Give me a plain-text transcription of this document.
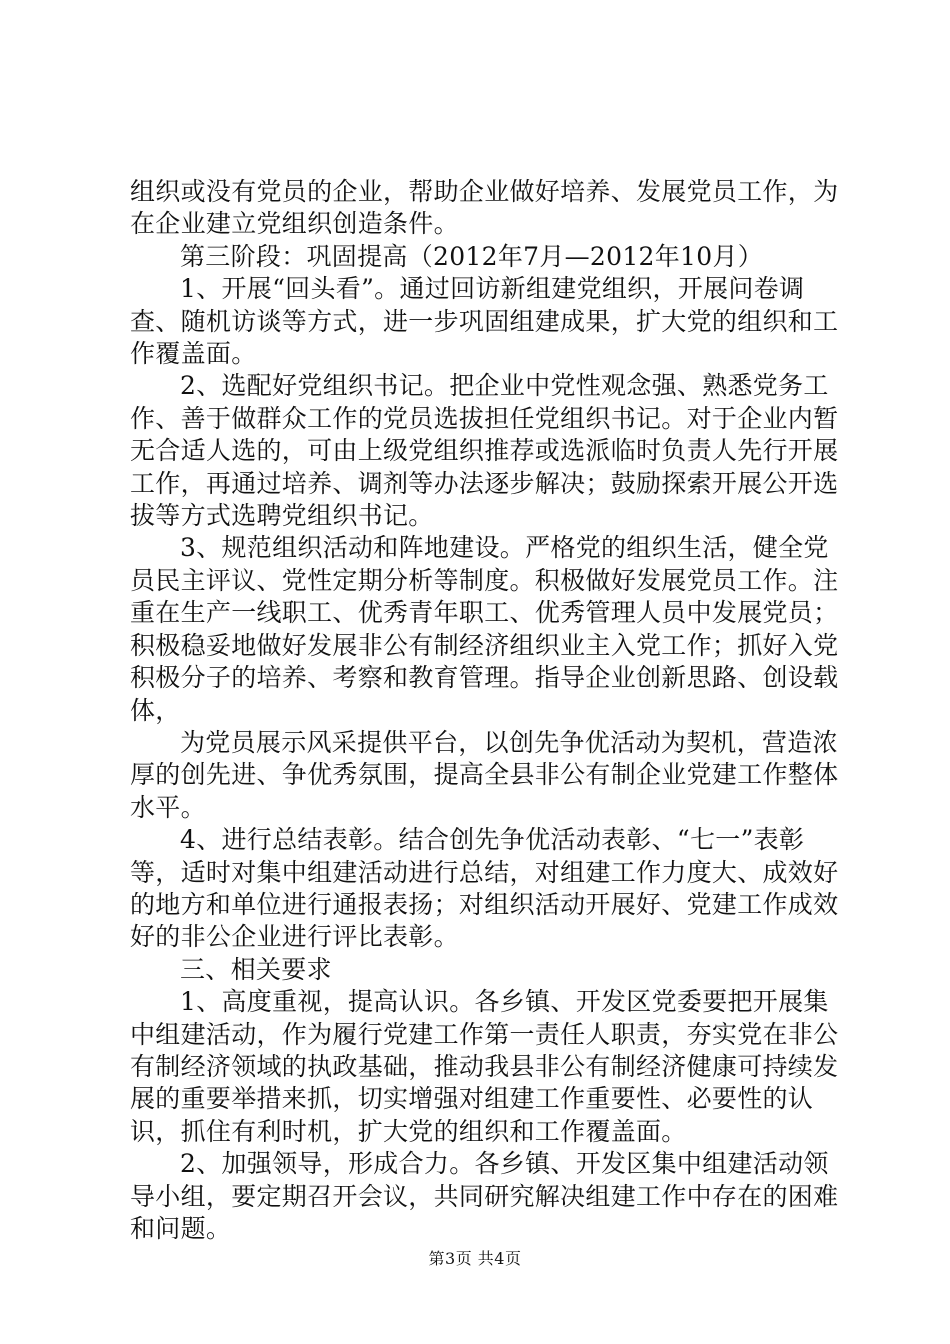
组织或没有党员的企业，帮助企业做好培养、发展党员工作，为在企业建立党组织创造条件。

第三阶段：巩固提高（2012年7月—2012年10月）

1、开展“回头看”。通过回访新组建党组织，开展问卷调查、随机访谈等方式，进一步巩固组建成果，扩大党的组织和工作覆盖面。

2、选配好党组织书记。把企业中党性观念强、熟悉党务工作、善于做群众工作的党员选拔担任党组织书记。对于企业内暂无合适人选的，可由上级党组织推荐或选派临时负责人先行开展工作，再通过培养、调剂等办法逐步解决；鼓励探索开展公开选拔等方式选聘党组织书记。

3、规范组织活动和阵地建设。严格党的组织生活，健全党员民主评议、党性定期分析等制度。积极做好发展党员工作。注重在生产一线职工、优秀青年职工、优秀管理人员中发展党员；积极稳妥地做好发展非公有制经济组织业主入党工作；抓好入党积极分子的培养、考察和教育管理。指导企业创新思路、创设载体，

为党员展示风采提供平台，以创先争优活动为契机，营造浓厚的创先进、争优秀氛围，提高全县非公有制企业党建工作整体水平。

4、进行总结表彰。结合创先争优活动表彰、“七一”表彰等，适时对集中组建活动进行总结，对组建工作力度大、成效好的地方和单位进行通报表扬；对组织活动开展好、党建工作成效好的非公企业进行评比表彰。

三、相关要求

1、高度重视，提高认识。各乡镇、开发区党委要把开展集中组建活动，作为履行党建工作第一责任人职责，夯实党在非公有制经济领域的执政基础，推动我县非公有制经济健康可持续发展的重要举措来抓，切实增强对组建工作重要性、必要性的认识，抓住有利时机，扩大党的组织和工作覆盖面。

2、加强领导，形成合力。各乡镇、开发区集中组建活动领导小组，要定期召开会议，共同研究解决组建工作中存在的困难和问题。

第3页 共4页
